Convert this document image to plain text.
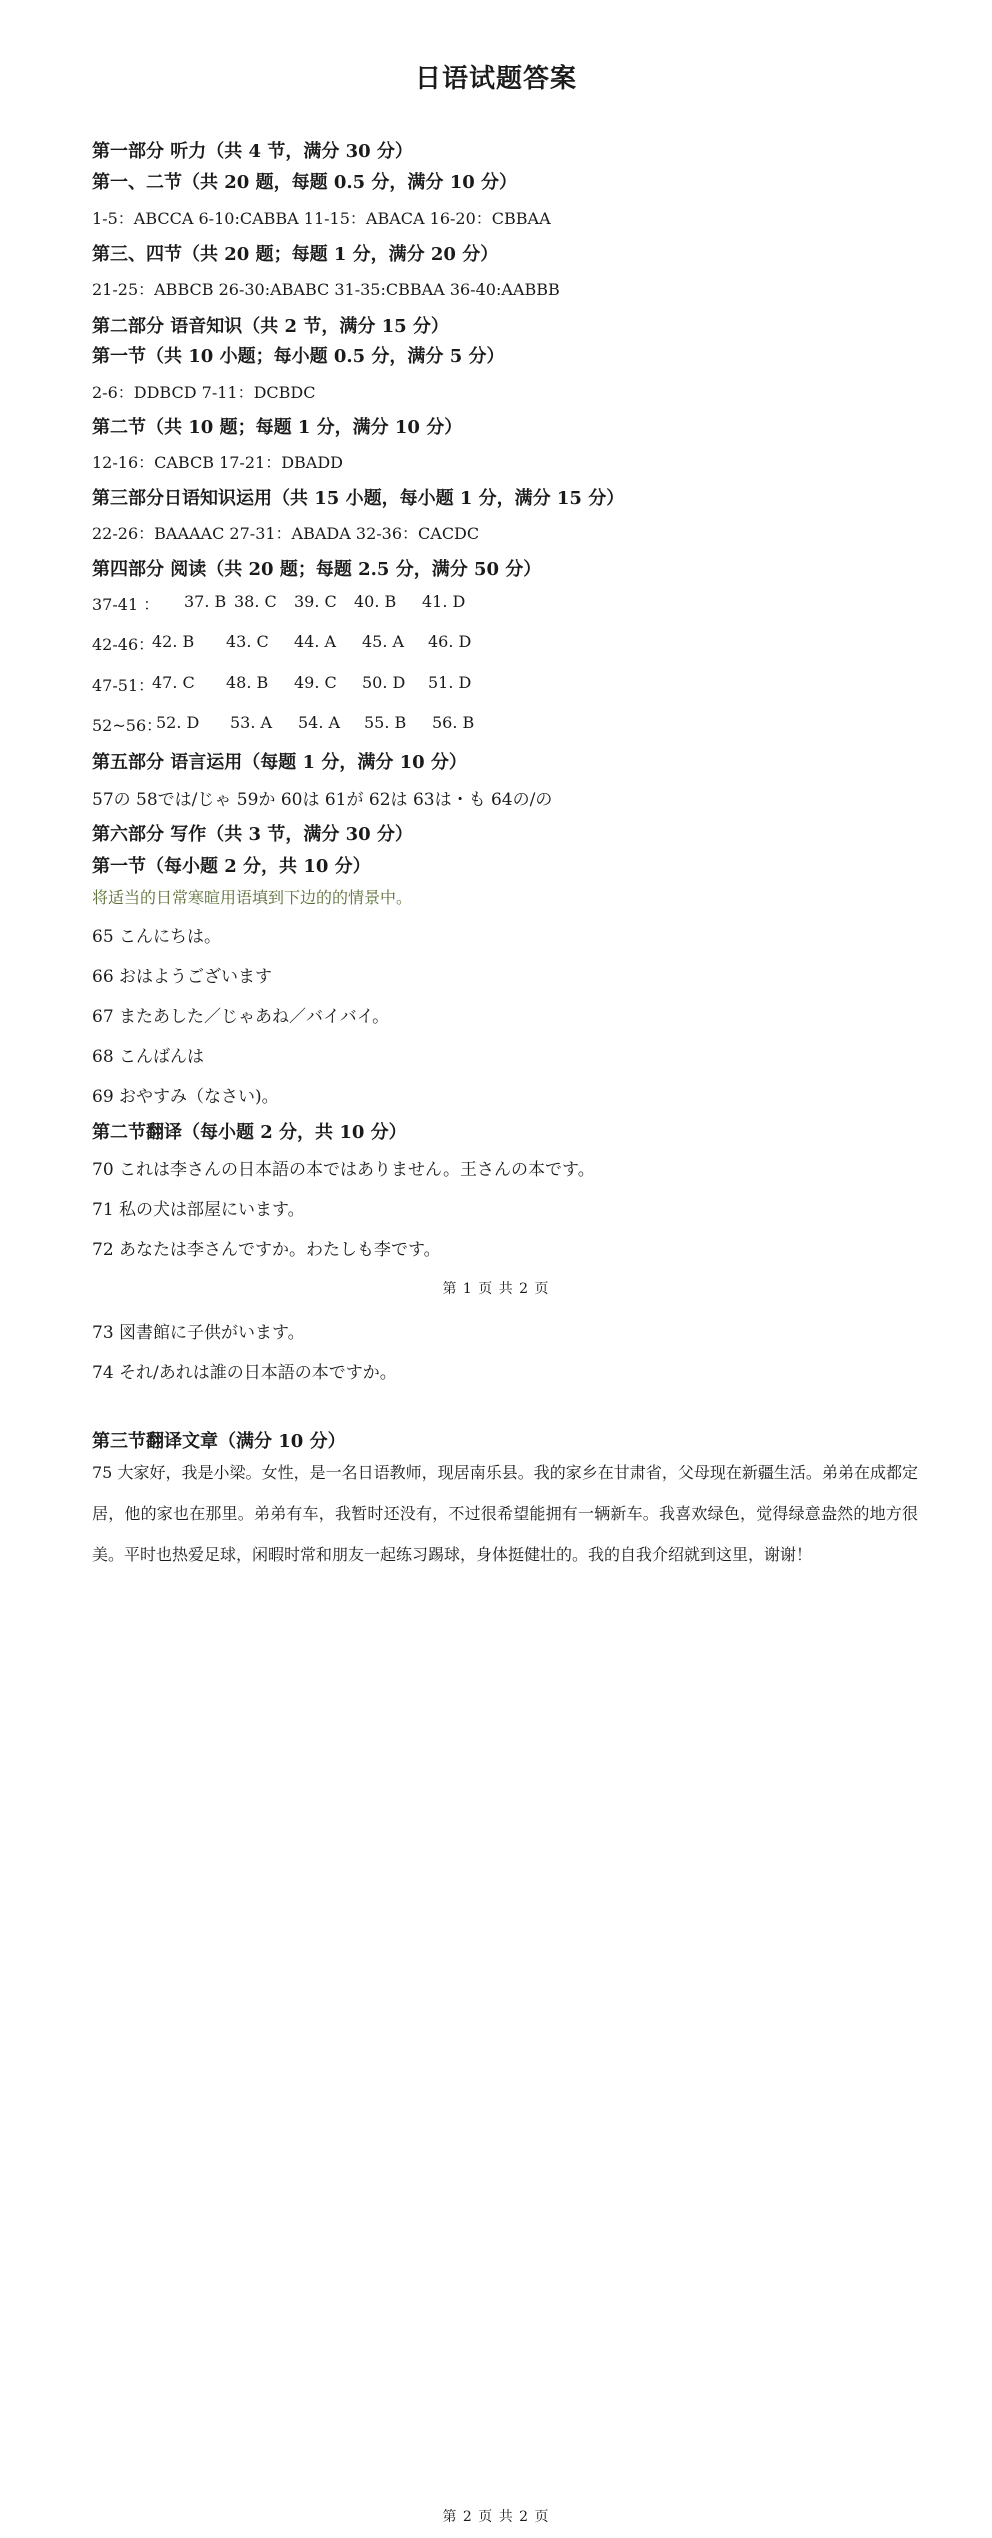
日语试题答案
第一部分 听力（共 4 节，满分 30 分）
第一、二节（共 20 题，每题 0.5 分，满分 10 分）
1-5：ABCCA 6-10:CABBA 11-15：ABACA 16-20：CBBAA
第三、四节（共 20 题；每题 1 分，满分 20 分）
21-25：ABBCB 26-30:ABABC 31-35:CBBAA 36-40:AABBB
第二部分 语音知识（共 2 节，满分 15 分）
第一节（共 10 小题；每小题 0.5 分，满分 5 分）
2-6：DDBCD 7-11：DCBDC
第二节（共 10 题；每题 1 分，满分 10 分）
12-16：CABCB 17-21：DBADD
第三部分日语知识运用（共 15 小题，每小题 1 分，满分 15 分）
22-26：BAAAAC 27-31：ABADA 32-36：CACDC
第四部分 阅读（共 20 题；每题 2.5 分，满分 50 分）
37-41 ： 37. B 38. C 39. C 40. B 41. D
42-46：
42. B 43. C 44. A 45. A 46. D
47-51：
47. C 48. B 49. C 50. D 51. D
52~56：
52. D 53. A 54. A 55. B 56. B
第五部分 语言运用（每题 1 分，满分 10 分）
57の 58では/じゃ 59か 60は 61が 62は 63は・も 64の/の
第六部分 写作（共 3 节，满分 30 分）
第一节（每小题 2 分，共 10 分）
将适当的日常寒暄用语填到下边的的情景中。
65 こんにちは。
66 おはようございます
67 またあした／じゃあね／バイバイ。
68 こんばんは
69 おやすみ（なさい)。
第二节翻译（每小题 2 分，共 10 分）
70 これは李さんの日本語の本ではありません。王さんの本です。
71 私の犬は部屋にいます。
72 あなたは李さんですか。わたしも李です。
第 1 页 共 2 页
73 図書館に子供がいます。
74 それ/あれは誰の日本語の本ですか。
第三节翻译文章（满分 10 分）
75 大家好，我是小梁。女性，是一名日语教师，现居南乐县。我的家乡在甘肃省，父母现在新疆生活。弟弟在成都定居，他的家也在那里。弟弟有车，我暂时还没有，不过很希望能拥有一辆新车。我喜欢绿色，觉得绿意盎然的地方很美。平时也热爱足球，闲暇时常和朋友一起练习踢球，身体挺健壮的。我的自我介绍就到这里，谢谢！
第 2 页 共 2 页
